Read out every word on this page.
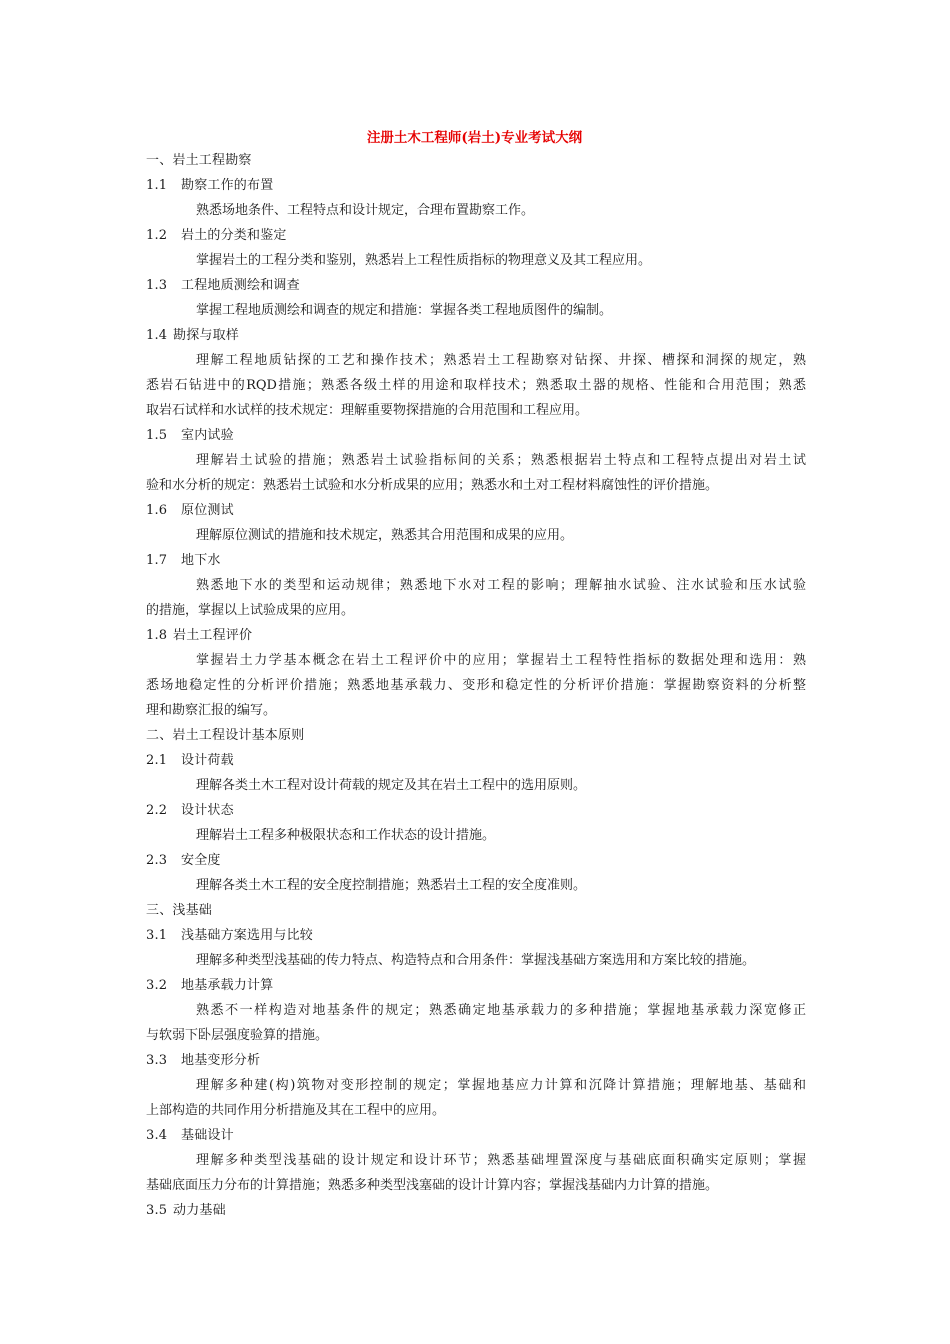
注册土木工程师(岩土)专业考试大纲
一、岩土工程勘察
1.1 勘察工作的布置
熟悉场地条件、工程特点和设计规定，合理布置勘察工作。
1.2 岩土的分类和鉴定
掌握岩土的工程分类和鉴别，熟悉岩上工程性质指标的物理意义及其工程应用。
1.3 工程地质测绘和调查
掌握工程地质测绘和调查的规定和措施：掌握各类工程地质图件的编制。
1.4 勘探与取样
理解工程地质钻探的工艺和操作技术；熟悉岩土工程勘察对钻探、井探、槽探和洞探的规定，熟
悉岩石钻进中的RQD措施；熟悉各级土样的用途和取样技术；熟悉取土器的规格、性能和合用范围；熟悉
取岩石试样和水试样的技术规定：理解重要物探措施的合用范围和工程应用。
1.5 室内试验
理解岩土试验的措施；熟悉岩土试验指标间的关系；熟悉根据岩土特点和工程特点提出对岩土试
验和水分析的规定：熟悉岩土试验和水分析成果的应用；熟悉水和土对工程材料腐蚀性的评价措施。
1.6 原位测试
理解原位测试的措施和技术规定，熟悉其合用范围和成果的应用。
1.7 地下水
熟悉地下水的类型和运动规律；熟悉地下水对工程的影响；理解抽水试验、注水试验和压水试验
的措施，掌握以上试验成果的应用。
1.8 岩土工程评价
掌握岩土力学基本概念在岩土工程评价中的应用；掌握岩土工程特性指标的数据处理和选用：熟
悉场地稳定性的分析评价措施；熟悉地基承载力、变形和稳定性的分析评价措施：掌握勘察资料的分析整
理和勘察汇报的编写。
二、岩土工程设计基本原则
2.1 设计荷载
理解各类土木工程对设计荷载的规定及其在岩土工程中的选用原则。
2.2 设计状态
理解岩土工程多种极限状态和工作状态的设计措施。
2.3 安全度
理解各类土木工程的安全度控制措施；熟悉岩土工程的安全度准则。
三、浅基础
3.1 浅基础方案选用与比较
理解多种类型浅基础的传力特点、构造特点和合用条件：掌握浅基础方案选用和方案比较的措施。
3.2 地基承载力计算
熟悉不一样构造对地基条件的规定；熟悉确定地基承载力的多种措施；掌握地基承载力深宽修正
与软弱下卧层强度验算的措施。
3.3 地基变形分析
理解多种建(构)筑物对变形控制的规定；掌握地基应力计算和沉降计算措施；理解地基、基础和
上部构造的共同作用分析措施及其在工程中的应用。
3.4 基础设计
理解多种类型浅基础的设计规定和设计环节；熟悉基础埋置深度与基础底面积确实定原则；掌握
基础底面压力分布的计算措施；熟悉多种类型浅塞础的设计计算内容；掌握浅基础内力计算的措施。
3.5 动力基础
